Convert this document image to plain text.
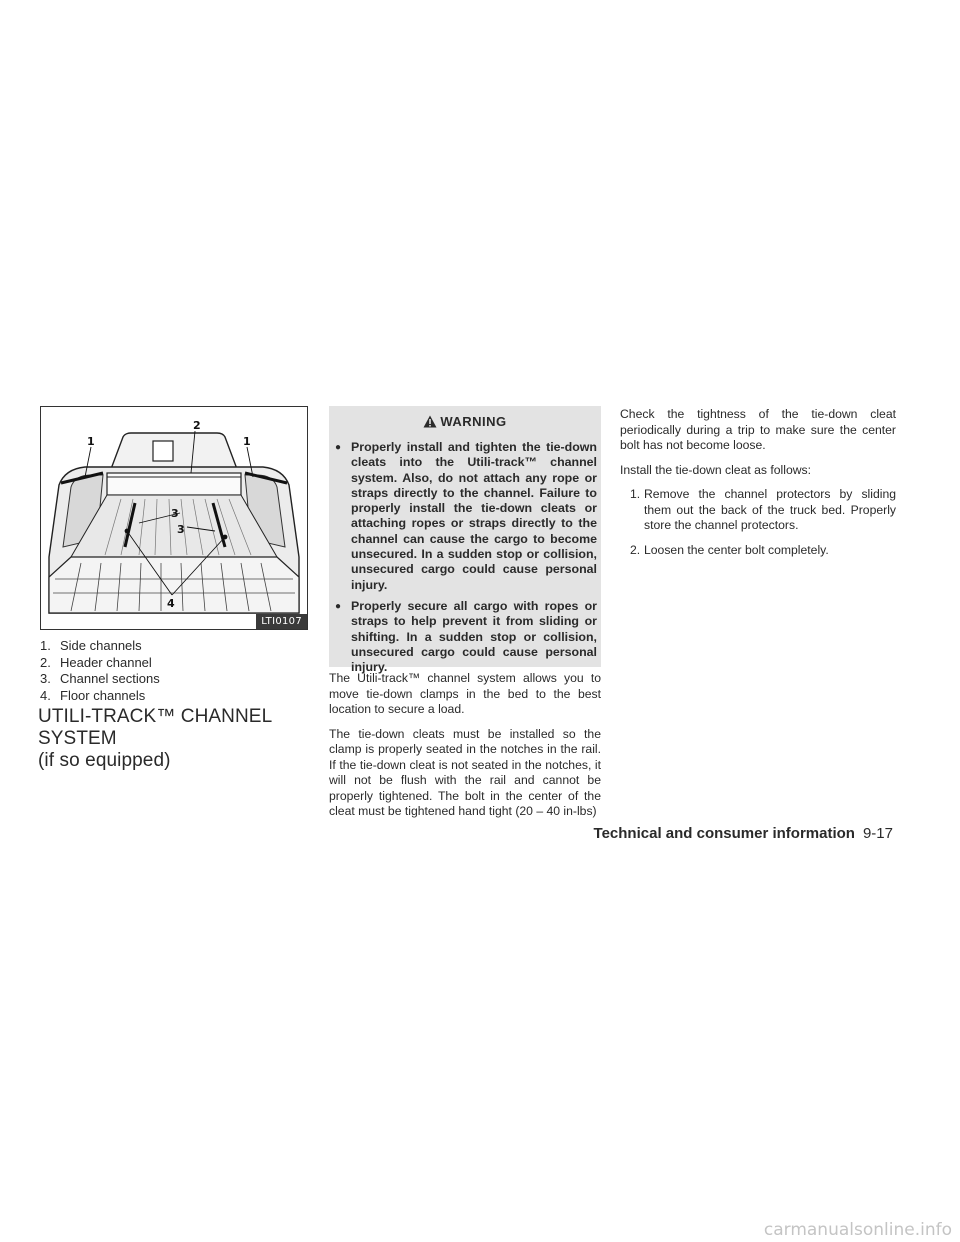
1	1
2
3
3
4
LTI0107
1. Side channels
2. Header channel
3. Channel sections
4. Floor channels
UTILI-TRACK™ CHANNEL SYSTEM
(if so equipped)
WARNING
● Properly install and tighten the tie-down cleats into the Utili-track™ channel system. Also, do not attach any rope or straps directly to the channel. Failure to properly install the tie-down cleats or attaching ropes or straps directly to the channel can cause the cargo to become unsecured. In a sudden stop or collision, unsecured cargo could cause personal injury.
● Properly secure all cargo with ropes or straps to help prevent it from sliding or shifting. In a sudden stop or collision, unsecured cargo could cause personal injury.

The Utili-track™ channel system allows you to move tie-down clamps in the bed to the best location to secure a load.

The tie-down cleats must be installed so the clamp is properly seated in the notches in the rail. If the tie-down cleat is not seated in the notches, it will not be flush with the rail and cannot be properly tightened. The bolt in the center of the cleat must be tightened hand tight (20 – 40 in-lbs)

Check the tightness of the tie-down cleat periodically during a trip to make sure the center bolt has not become loose.

Install the tie-down cleat as follows:

1. Remove the channel protectors by sliding them out the back of the truck bed. Properly store the channel protectors.
2. Loosen the center bolt completely.
Technical and consumer information 9-17
carmanualsonline.info
